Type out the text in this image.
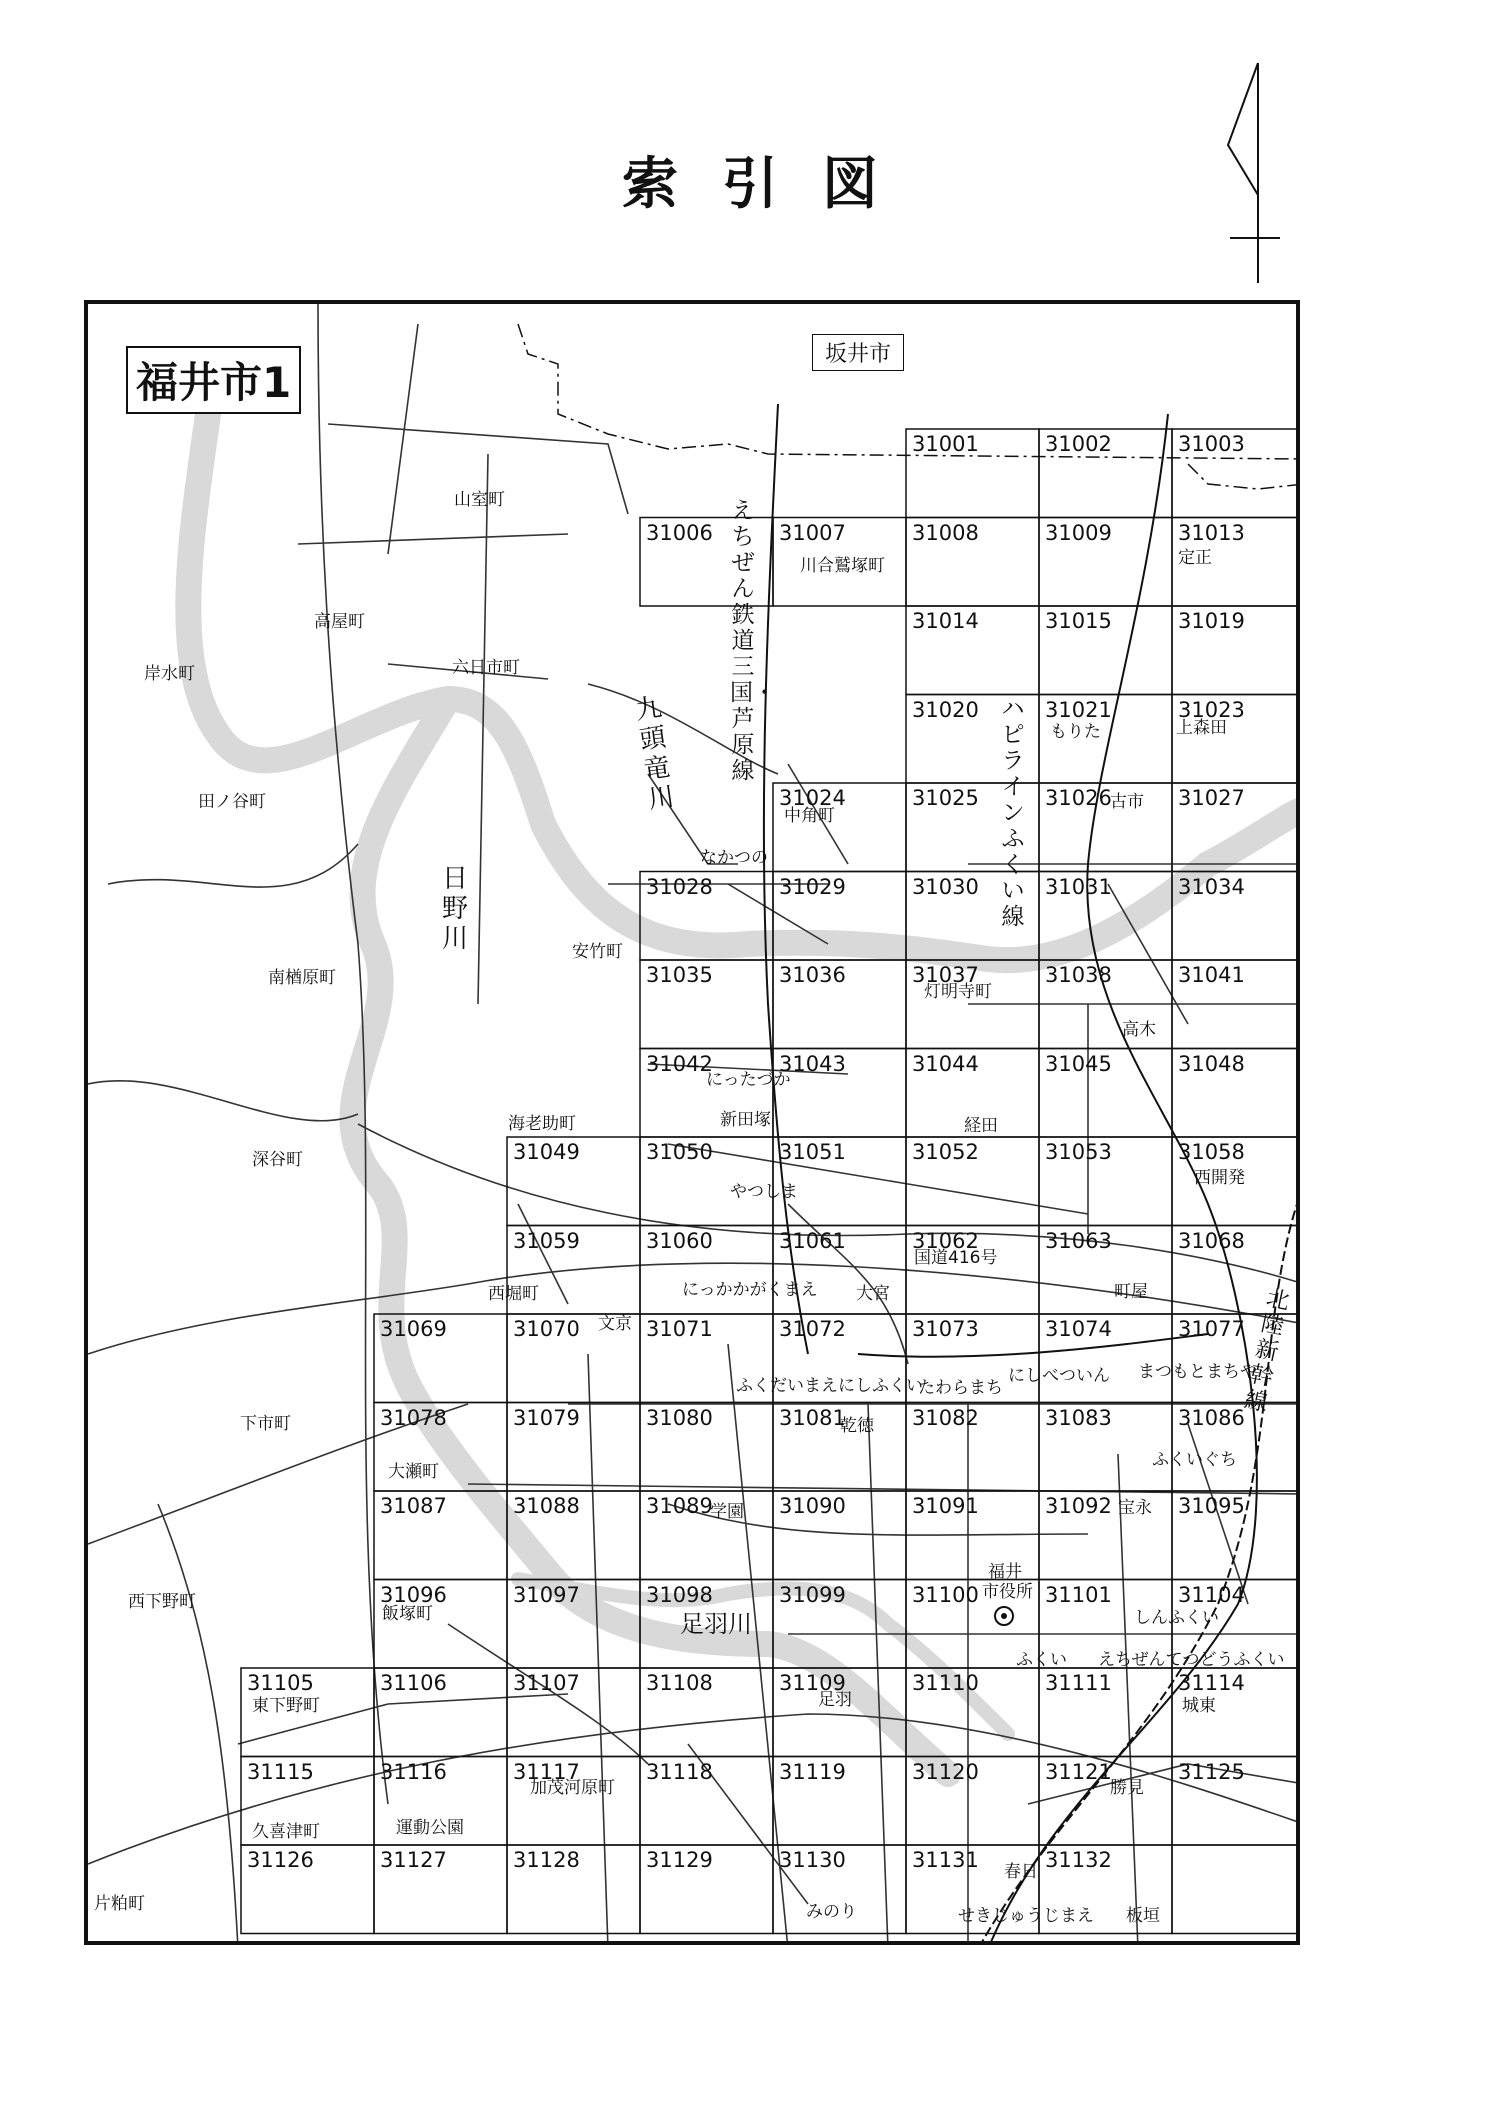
索引図
福井市1
坂井市
31001	31002	31003
31006	31007	31008	31009	31013
31014	31015	31019
31020	31021	31023
31024	31025	31026	31027
31028	31029	31030	31031	31034
31035	31036	31037	31038	31041
31042	31043	31044	31045	31048
31049	31050	31051	31052	31053	31058
31059	31060	31061	31062	31063	31068
31069	31070	31071	31072	31073	31074	31077
31078	31079	31080	31081	31082	31083	31086
31087	31088	31089	31090	31091	31092	31095
31096	31097	31098	31099	31100	31101	31104
31105	31106	31107	31108	31109	31110	31111	31114
31115	31116	31117	31118	31119	31120	31121	31125
31126	31127	31128	31129	31130	31131	31132
山室町
高屋町
岸水町	六日市町
田ノ谷町
南楢原町
安竹町
深谷町
海老助町
西堀町
文京
下市町
大瀬町
西下野町
飯塚町
東下野町
久喜津町	運動公園
加茂河原町
片粕町
川合鷲塚町	定正
もりた	上森田
中角町
なかつの
古市
灯明寺町
高木
にったづか
新田塚	経田
西開発
やつしま
にっかかがくまえ 大宮
国道416号
町屋
ふくだいまえにしふくい
たわらまち
にしべついん まつもとまちや
乾徳
ふくいぐち
学園	宝永
福井
市役所
しんふくい
ふくい えちぜんてつどうふくい
足羽	城東
勝見
春日
みのり	せきじゅうじまえ 板垣
九頭竜川
日野川
足羽川
えちぜん鉄道三国・芦原線
ハピラインふくい線
北陸新幹線
